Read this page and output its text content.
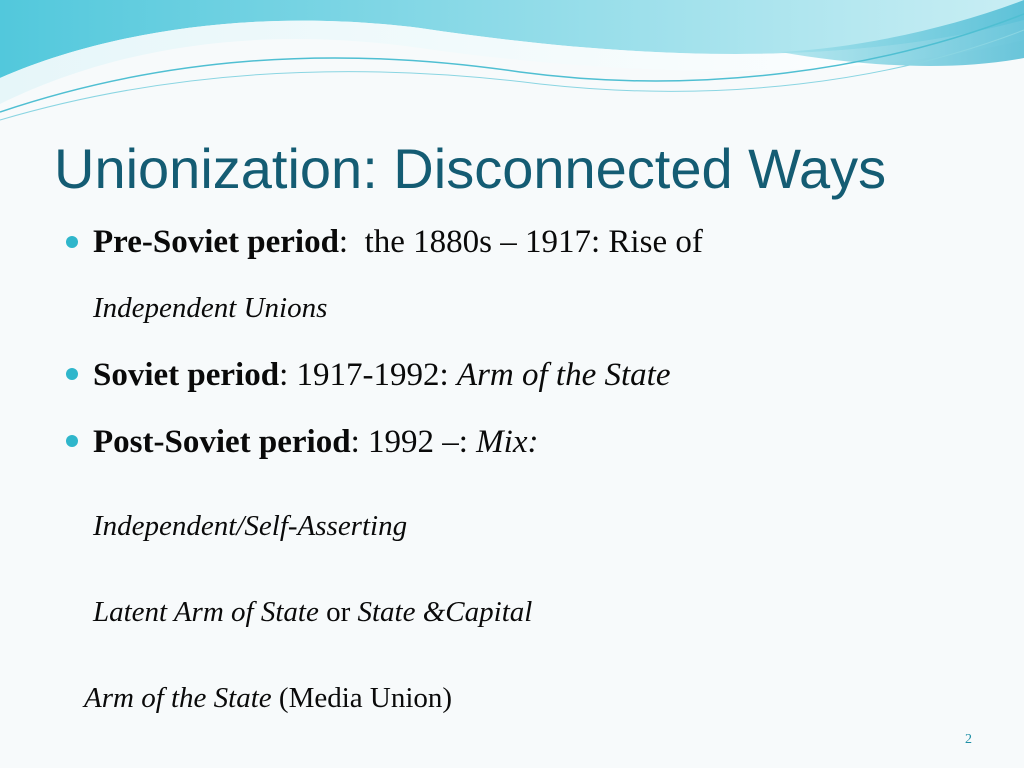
Unionization: Disconnected Ways
Pre-Soviet period:  the 1880s – 1917: Rise of
Independent Unions
Soviet period: 1917-1992: Arm of the State
Post-Soviet period: 1992 –: Mix:
Independent/Self-Asserting
Latent Arm of State or State &Capital
Arm of the State (Media Union)
2
